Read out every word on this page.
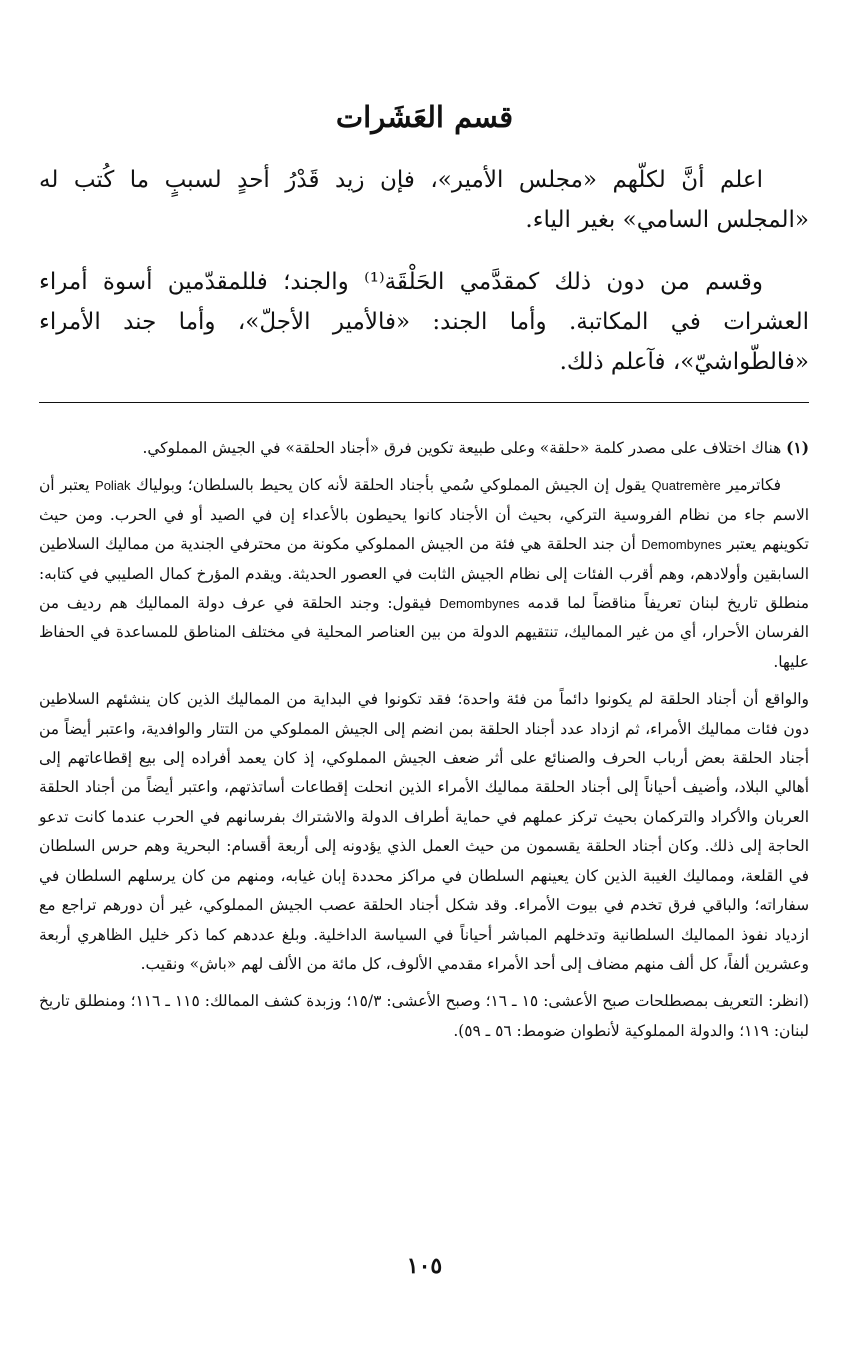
قسم العَشَرات

اعلم أنَّ لكلّهم «مجلس الأمير»، فإن زيد قَدْرُ أحدٍ لسببٍ ما كُتب له «المجلس السامي» بغير الياء.

وقسم من دون ذلك كمقدَّمي الحَلْقَة⁽¹⁾ والجند؛ فللمقدّمين أسوة أمراء العشرات في المكاتبة. وأما الجند: «فالأمير الأجلّ»، وأما جند الأمراء «فالطّواشيّ»، فآعلم ذلك.

(١) هناك اختلاف على مصدر كلمة «حلقة» وعلى طبيعة تكوين فرق «أجناد الحلقة» في الجيش المملوكي.

فكاترمير Quatremère يقول إن الجيش المملوكي سُمي بأجناد الحلقة لأنه كان يحيط بالسلطان؛ وبولياك Poliak يعتبر أن الاسم جاء من نظام الفروسية التركي، بحيث أن الأجناد كانوا يحيطون بالأعداء إن في الصيد أو في الحرب. ومن حيث تكوينهم يعتبر Demombynes أن جند الحلقة هي فئة من الجيش المملوكي مكونة من محترفي الجندية من مماليك السلاطين السابقين وأولادهم، وهم أقرب الفئات إلى نظام الجيش الثابت في العصور الحديثة. ويقدم المؤرخ كمال الصليبي في كتابه: منطلق تاريخ لبنان تعريفاً مناقضاً لما قدمه Demombynes فيقول: وجند الحلقة في عرف دولة المماليك هم رديف من الفرسان الأحرار، أي من غير المماليك، تنتقيهم الدولة من بين العناصر المحلية في مختلف المناطق للمساعدة في الحفاظ عليها.

والواقع أن أجناد الحلقة لم يكونوا دائماً من فئة واحدة؛ فقد تكونوا في البداية من المماليك الذين كان ينشئهم السلاطين دون فئات مماليك الأمراء، ثم ازداد عدد أجناد الحلقة بمن انضم إلى الجيش المملوكي من التتار والوافدية، واعتبر أيضاً من أجناد الحلقة بعض أرباب الحرف والصنائع على أثر ضعف الجيش المملوكي، إذ كان يعمد أفراده إلى بيع إقطاعاتهم إلى أهالي البلاد، وأضيف أحياناً إلى أجناد الحلقة مماليك الأمراء الذين انحلت إقطاعات أساتذتهم، واعتبر أيضاً من أجناد الحلقة العربان والأكراد والتركمان بحيث تركز عملهم في حماية أطراف الدولة والاشتراك بفرسانهم في الحرب عندما كانت تدعو الحاجة إلى ذلك. وكان أجناد الحلقة يقسمون من حيث العمل الذي يؤدونه إلى أربعة أقسام: البحرية وهم حرس السلطان في القلعة، ومماليك الغيبة الذين كان يعينهم السلطان في مراكز محددة إبان غيابه، ومنهم من كان يرسلهم السلطان في سفاراته؛ والباقي فرق تخدم في بيوت الأمراء. وقد شكل أجناد الحلقة عصب الجيش المملوكي، غير أن دورهم تراجع مع ازدياد نفوذ المماليك السلطانية وتدخلهم المباشر أحياناً في السياسة الداخلية. وبلغ عددهم كما ذكر خليل الظاهري أربعة وعشرين ألفاً، كل ألف منهم مضاف إلى أحد الأمراء مقدمي الألوف، كل مائة من الألف لهم «باش» ونقيب.

(انظر: التعريف بمصطلحات صبح الأعشى: ١٥ ـ ١٦؛ وصبح الأعشى: ١٥/٣؛ وزبدة كشف الممالك: ١١٥ ـ ١١٦؛ ومنطلق تاريخ لبنان: ١١٩؛ والدولة المملوكية لأنطوان ضومط: ٥٦ ـ ٥٩).

١٠٥
